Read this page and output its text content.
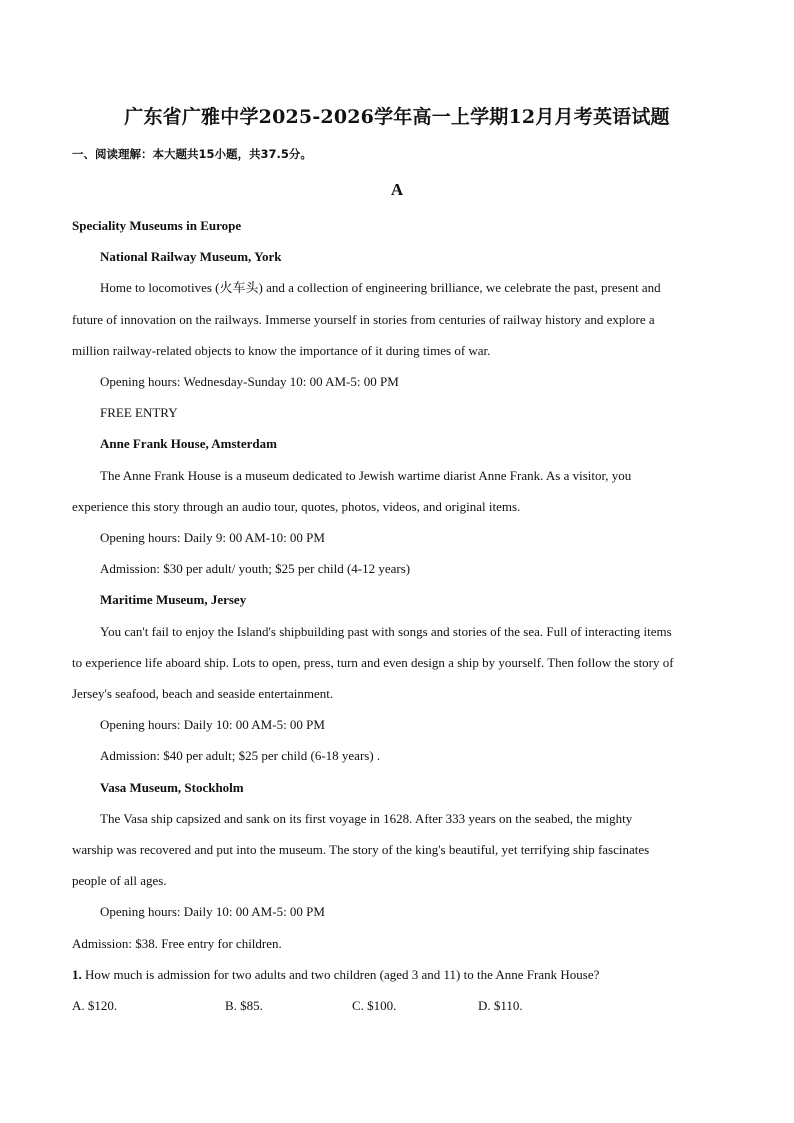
广东省广雅中学2025-2026学年高一上学期12月月考英语试题
一、阅读理解：本大题共15小题，共37.5分。
A
Speciality Museums in Europe
National Railway Museum, York
Home to locomotives (火车头) and a collection of engineering brilliance, we celebrate the past, present and
future of innovation on the railways. Immerse yourself in stories from centuries of railway history and explore a
million railway-related objects to know the importance of it during times of war.
Opening hours: Wednesday-Sunday 10: 00 AM-5: 00 PM
FREE ENTRY
Anne Frank House, Amsterdam
The Anne Frank House is a museum dedicated to Jewish wartime diarist Anne Frank. As a visitor, you
experience this story through an audio tour, quotes, photos, videos, and original items.
Opening hours: Daily 9: 00 AM-10: 00 PM
Admission: $30 per adult/ youth; $25 per child (4-12 years)
Maritime Museum, Jersey
You can't fail to enjoy the Island's shipbuilding past with songs and stories of the sea. Full of interacting items
to experience life aboard ship. Lots to open, press, turn and even design a ship by yourself. Then follow the story of
Jersey's seafood, beach and seaside entertainment.
Opening hours: Daily 10: 00 AM-5: 00 PM
Admission: $40 per adult; $25 per child (6-18 years) .
Vasa Museum, Stockholm
The Vasa ship capsized and sank on its first voyage in 1628. After 333 years on the seabed, the mighty
warship was recovered and put into the museum. The story of the king's beautiful, yet terrifying ship fascinates
people of all ages.
Opening hours: Daily 10: 00 AM-5: 00 PM
Admission: $38. Free entry for children.
1. How much is admission for two adults and two children (aged 3 and 11) to the Anne Frank House?
A. $120.	B. $85.	C. $100.	D. $110.
